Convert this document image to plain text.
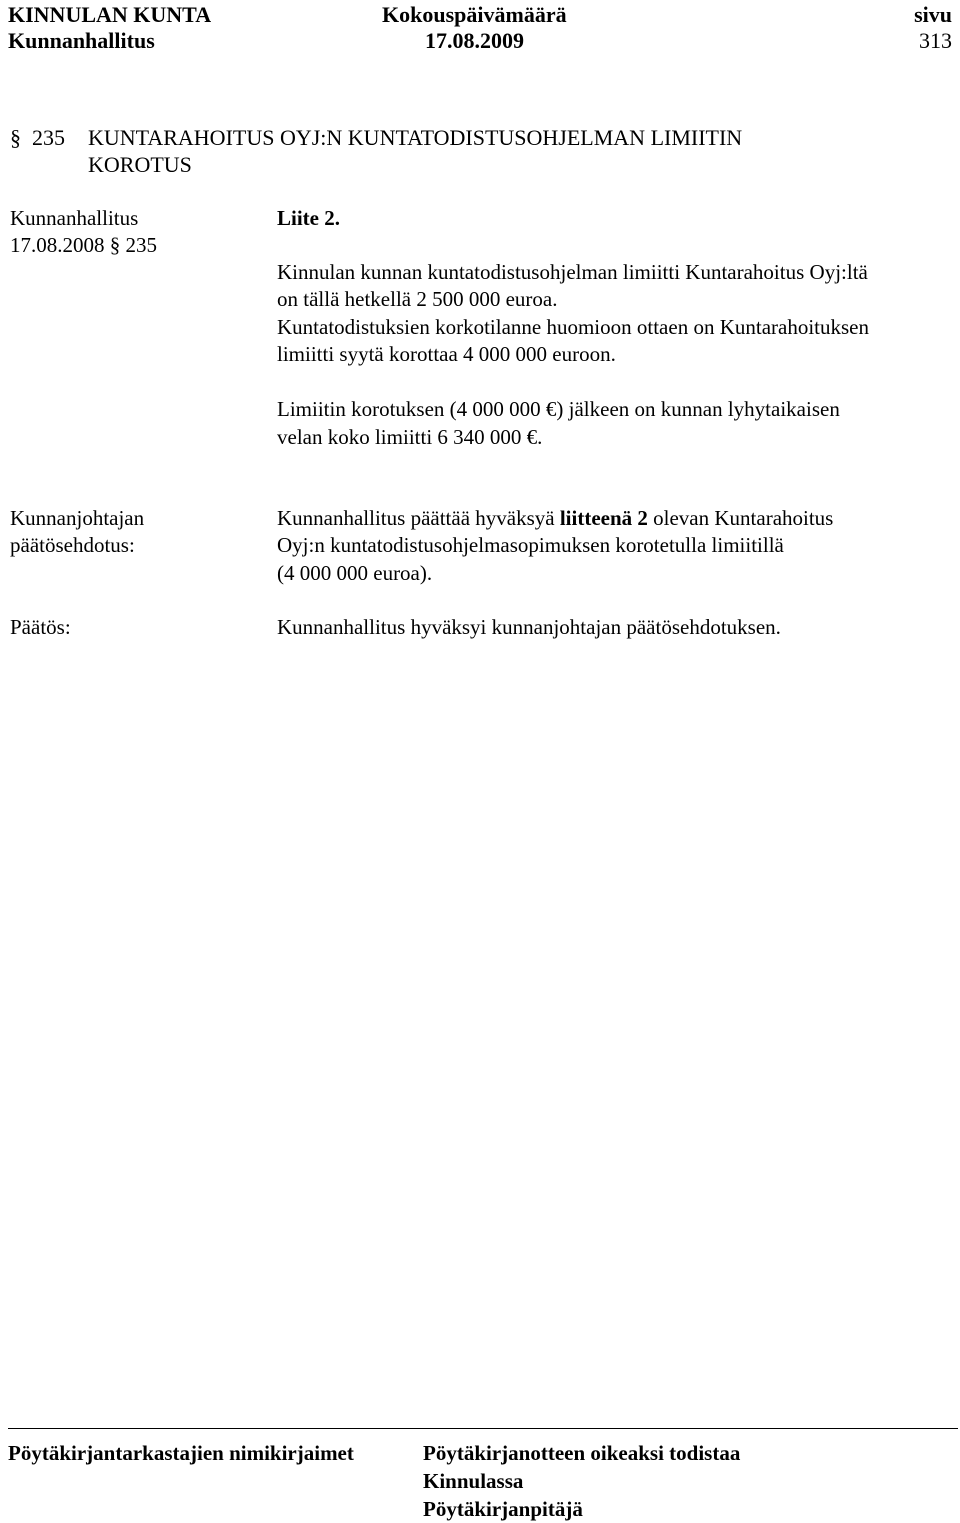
KINNULAN KUNTA
Kunnanhallitus
Kokouspäivämäärä
17.08.2009
sivu
313
§ 235 KUNTARAHOITUS OYJ:N KUNTATODISTUSOHJELMAN LIMIITIN
KOROTUS
Kunnanhallitus
17.08.2008 § 235
Liite 2.
Kinnulan kunnan kuntatodistusohjelman limiitti Kuntarahoitus Oyj:ltä
on tällä hetkellä 2 500 000 euroa.
Kuntatodistuksien korkotilanne huomioon ottaen on Kuntarahoituksen
limiitti syytä korottaa 4 000 000 euroon.
Limiitin korotuksen (4 000 000 €) jälkeen on kunnan lyhytaikaisen
velan koko limiitti 6 340 000 €.
Kunnanjohtajan
päätösehdotus:
Kunnanhallitus päättää hyväksyä liitteenä 2 olevan Kuntarahoitus
Oyj:n kuntatodistusohjelmasopimuksen korotetulla limiitillä
(4 000 000 euroa).
Päätös:	Kunnanhallitus hyväksyi kunnanjohtajan päätösehdotuksen.
Pöytäkirjantarkastajien nimikirjaimet	Pöytäkirjanotteen oikeaksi todistaa
Kinnulassa
Pöytäkirjanpitäjä
